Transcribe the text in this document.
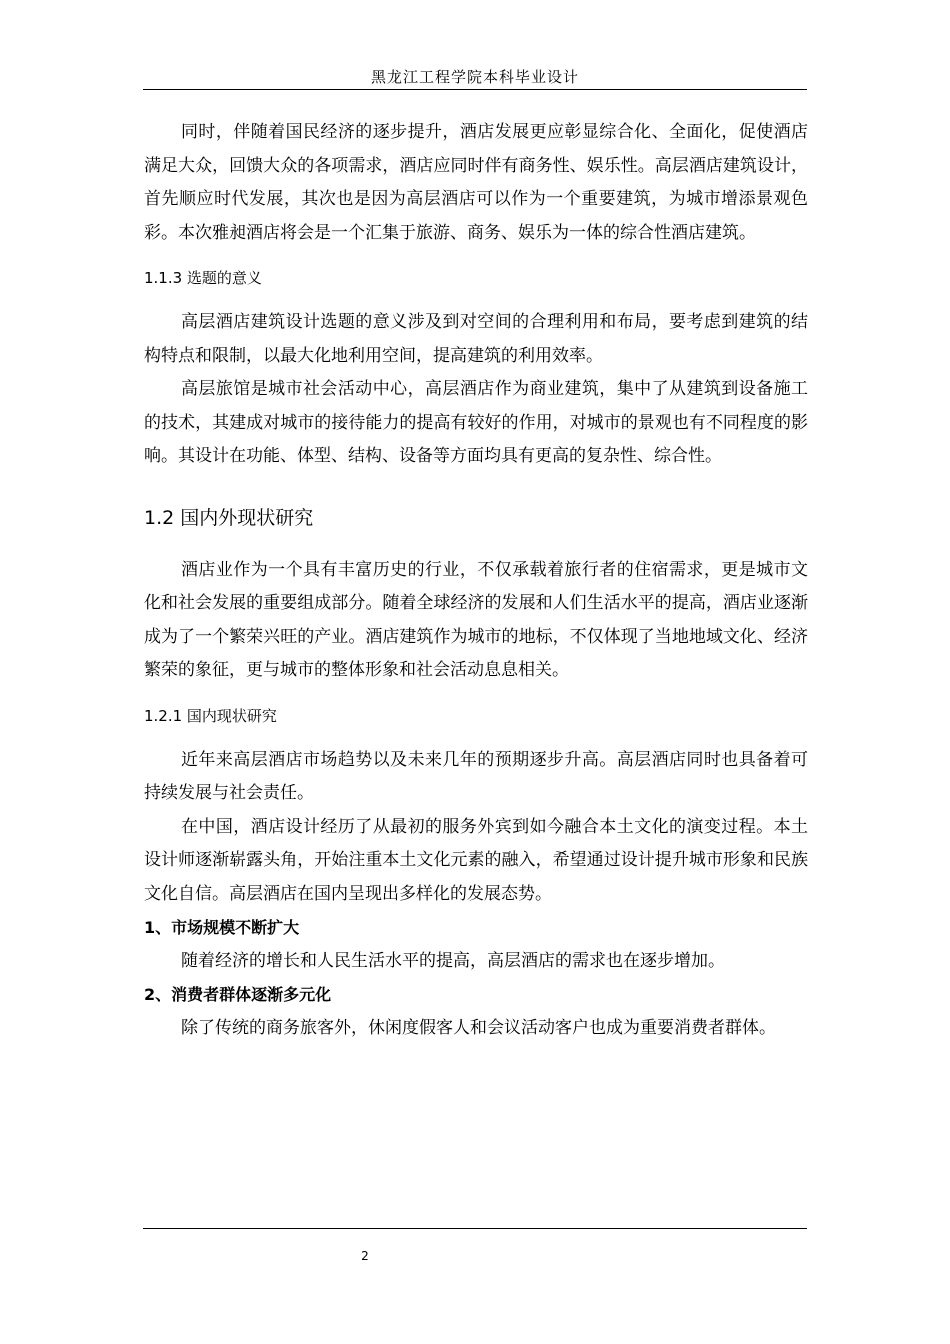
黑龙江工程学院本科毕业设计

同时，伴随着国民经济的逐步提升，酒店发展更应彰显综合化、全面化，促使酒店满足大众，回馈大众的各项需求，酒店应同时伴有商务性、娱乐性。高层酒店建筑设计，首先顺应时代发展，其次也是因为高层酒店可以作为一个重要建筑，为城市增添景观色彩。本次雅昶酒店将会是一个汇集于旅游、商务、娱乐为一体的综合性酒店建筑。

1.1.3 选题的意义

高层酒店建筑设计选题的意义涉及到对空间的合理利用和布局，要考虑到建筑的结构特点和限制，以最大化地利用空间，提高建筑的利用效率。

高层旅馆是城市社会活动中心，高层酒店作为商业建筑，集中了从建筑到设备施工的技术，其建成对城市的接待能力的提高有较好的作用，对城市的景观也有不同程度的影响。其设计在功能、体型、结构、设备等方面均具有更高的复杂性、综合性。

1.2 国内外现状研究

酒店业作为一个具有丰富历史的行业，不仅承载着旅行者的住宿需求，更是城市文化和社会发展的重要组成部分。随着全球经济的发展和人们生活水平的提高，酒店业逐渐成为了一个繁荣兴旺的产业。酒店建筑作为城市的地标，不仅体现了当地地域文化、经济繁荣的象征，更与城市的整体形象和社会活动息息相关。

1.2.1 国内现状研究

近年来高层酒店市场趋势以及未来几年的预期逐步升高。高层酒店同时也具备着可持续发展与社会责任。

在中国，酒店设计经历了从最初的服务外宾到如今融合本土文化的演变过程。本土设计师逐渐崭露头角，开始注重本土文化元素的融入，希望通过设计提升城市形象和民族文化自信。高层酒店在国内呈现出多样化的发展态势。

1、市场规模不断扩大

随着经济的增长和人民生活水平的提高，高层酒店的需求也在逐步增加。

2、消费者群体逐渐多元化

除了传统的商务旅客外，休闲度假客人和会议活动客户也成为重要消费者群体。

2
